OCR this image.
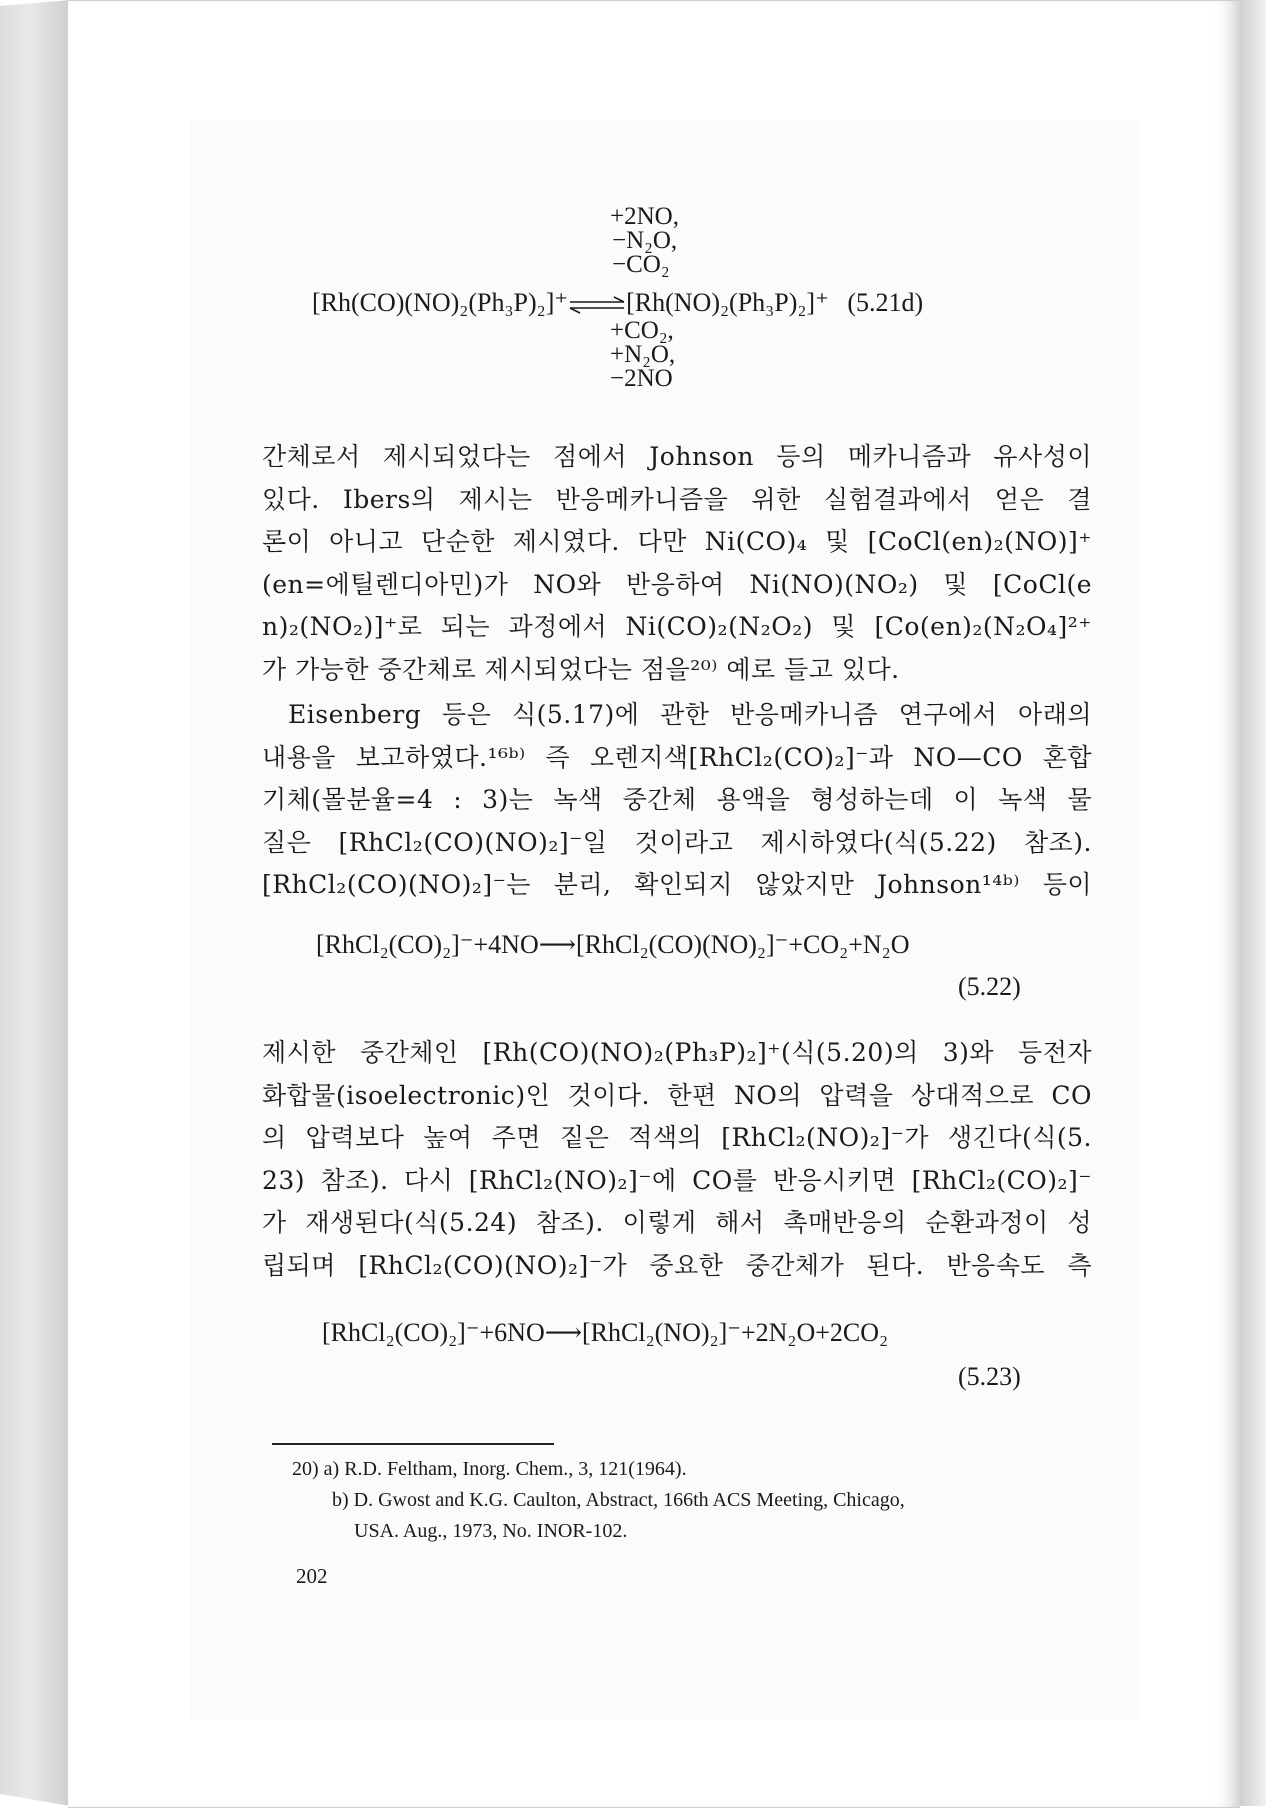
+2NO,
−N₂O,
−CO₂
[Rh(CO)(NO)₂(Ph₃P)₂]⁺⇌[Rh(NO)₂(Ph₃P)₂]⁺ (5.21d)
+CO₂,
+N₂O,
−2NO
간체로서 제시되었다는 점에서 Johnson 등의 메카니즘과 유사성이
있다. Ibers의 제시는 반응메카니즘을 위한 실험결과에서 얻은 결
론이 아니고 단순한 제시였다. 다만 Ni(CO)₄ 및 [CoCl(en)₂(NO)]⁺
(en=에틸렌디아민)가 NO와 반응하여 Ni(NO)(NO₂) 및 [CoCl(e
n)₂(NO₂)]⁺로 되는 과정에서 Ni(CO)₂(N₂O₂) 및 [Co(en)₂(N₂O₄]²⁺
가 가능한 중간체로 제시되었다는 점을²⁰⁾ 예로 들고 있다.
Eisenberg 등은 식(5.17)에 관한 반응메카니즘 연구에서 아래의
내용을 보고하였다.¹⁶ᵇ⁾ 즉 오렌지색[RhCl₂(CO)₂]⁻과 NO—CO 혼합
기체(몰분율=4 : 3)는 녹색 중간체 용액을 형성하는데 이 녹색 물
질은 [RhCl₂(CO)(NO)₂]⁻일 것이라고 제시하였다(식(5.22) 참조).
[RhCl₂(CO)(NO)₂]⁻는 분리, 확인되지 않았지만 Johnson¹⁴ᵇ⁾ 등이
[RhCl₂(CO)₂]⁻+4NO⟶[RhCl₂(CO)(NO)₂]⁻+CO₂+N₂O
(5.22)
제시한 중간체인 [Rh(CO)(NO)₂(Ph₃P)₂]⁺(식(5.20)의 3)와 등전자
화합물(isoelectronic)인 것이다. 한편 NO의 압력을 상대적으로 CO
의 압력보다 높여 주면 짙은 적색의 [RhCl₂(NO)₂]⁻가 생긴다(식(5.
23) 참조). 다시 [RhCl₂(NO)₂]⁻에 CO를 반응시키면 [RhCl₂(CO)₂]⁻
가 재생된다(식(5.24) 참조). 이렇게 해서 촉매반응의 순환과정이 성
립되며 [RhCl₂(CO)(NO)₂]⁻가 중요한 중간체가 된다. 반응속도 측
[RhCl₂(CO)₂]⁻+6NO⟶[RhCl₂(NO)₂]⁻+2N₂O+2CO₂
(5.23)
20) a) R.D. Feltham, Inorg. Chem., 3, 121(1964).
b) D. Gwost and K.G. Caulton, Abstract, 166th ACS Meeting, Chicago,
USA. Aug., 1973, No. INOR-102.
202
